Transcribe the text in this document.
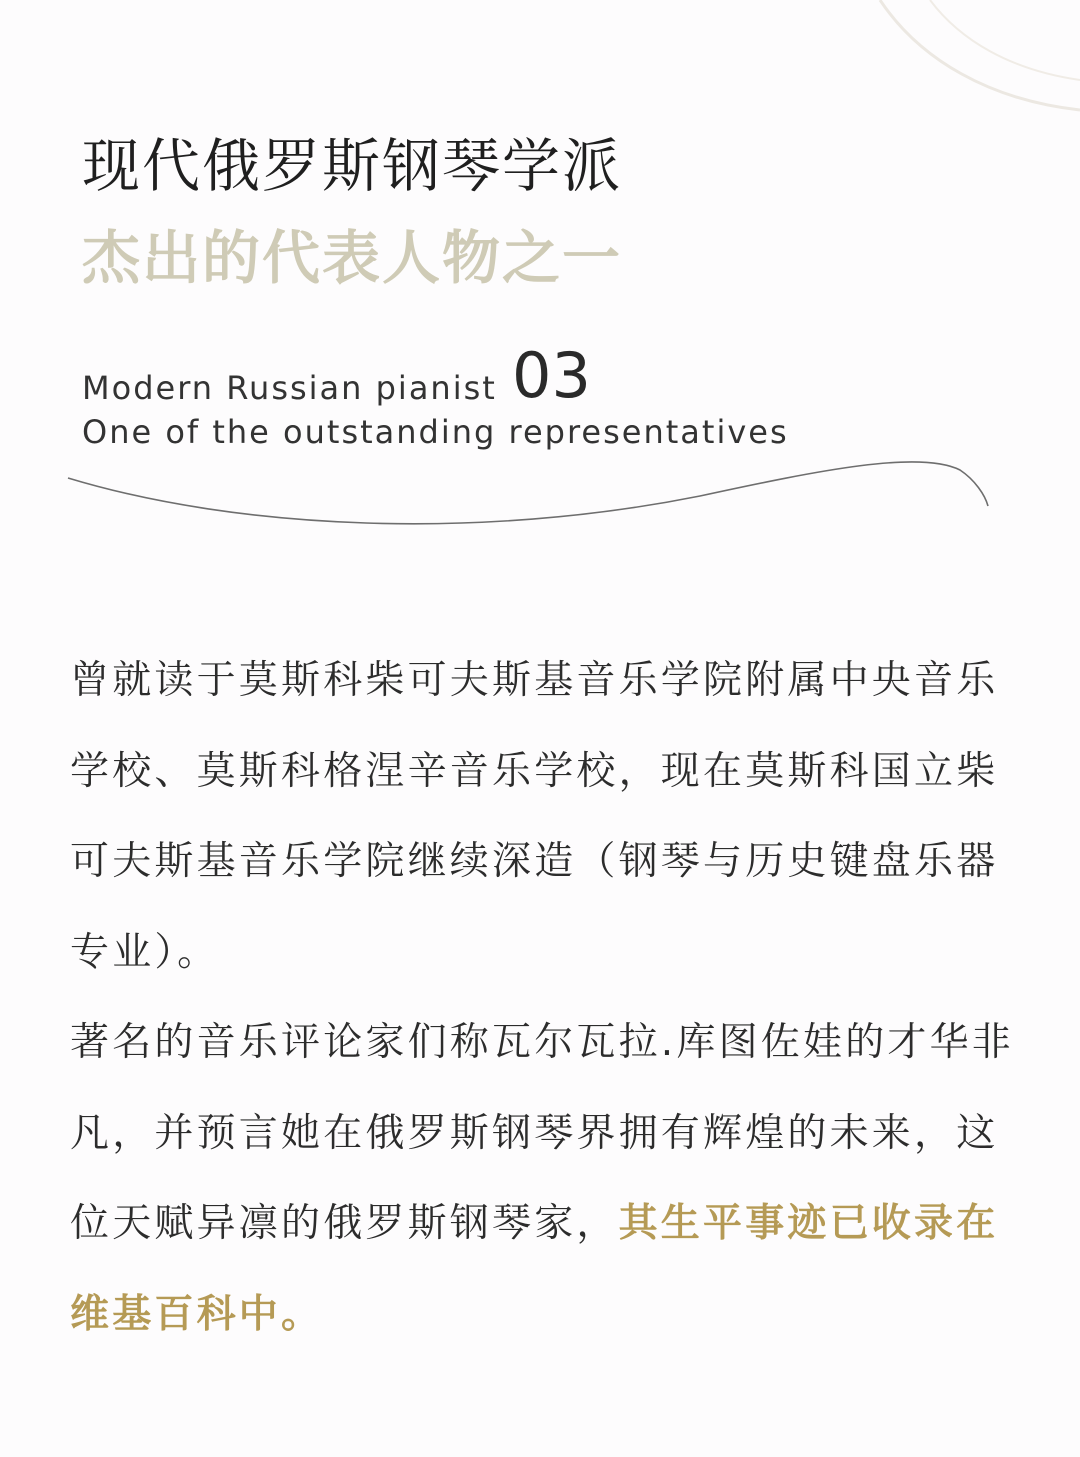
现代俄罗斯钢琴学派
杰出的代表人物之一
Modern Russian pianist 03
One of the outstanding representatives

曾就读于莫斯科柴可夫斯基音乐学院附属中央音乐学校、莫斯科格涅辛音乐学校，现在莫斯科国立柴可夫斯基音乐学院继续深造（钢琴与历史键盘乐器专业）。

著名的音乐评论家们称瓦尔瓦拉.库图佐娃的才华非凡，并预言她在俄罗斯钢琴界拥有辉煌的未来，这位天赋异凛的俄罗斯钢琴家，其生平事迹已收录在维基百科中。
